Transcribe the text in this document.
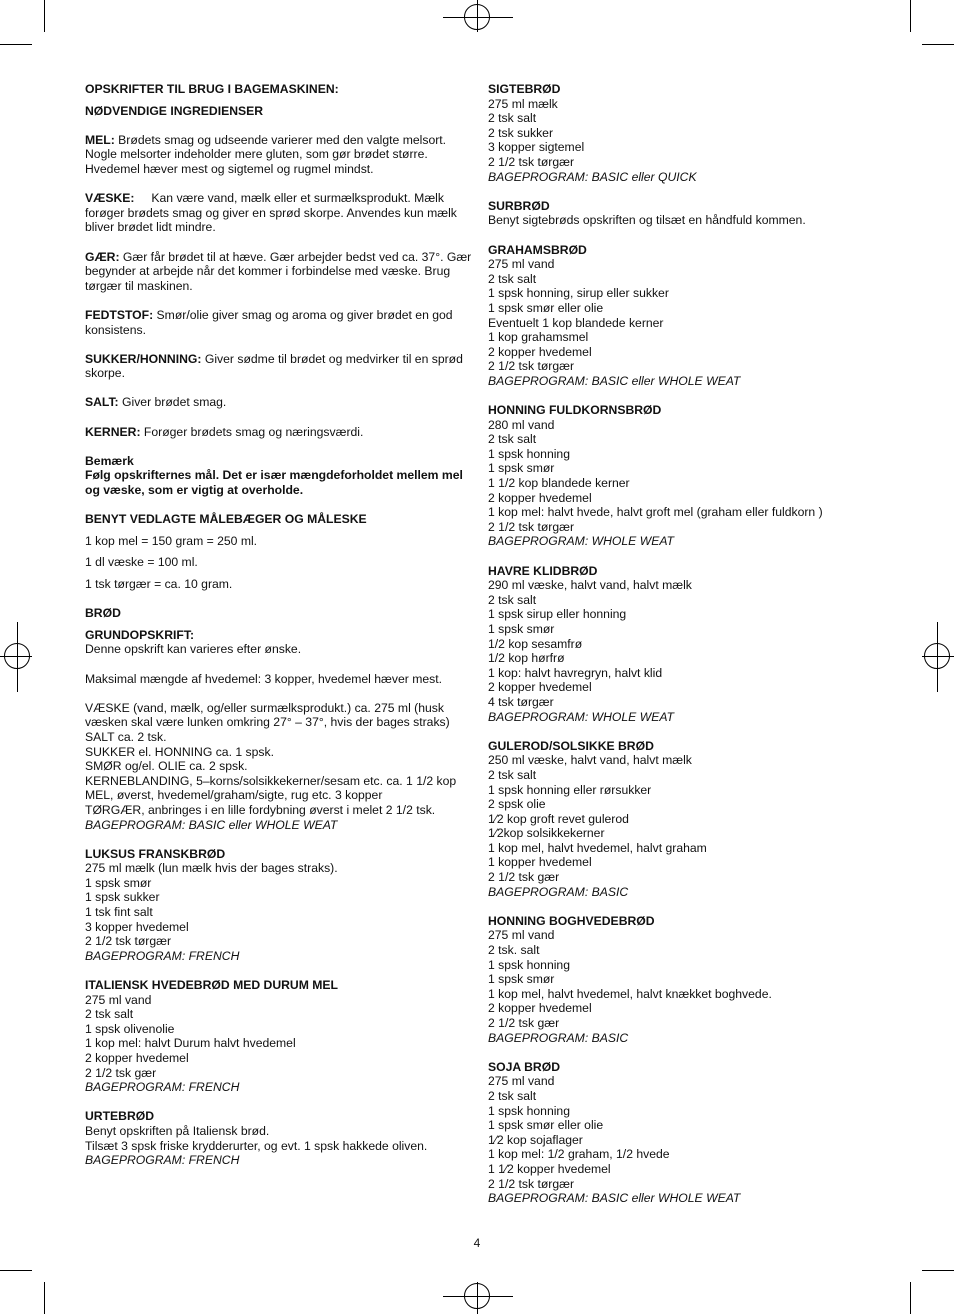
OPSKRIFTER TIL BRUG I BAGEMASKINEN:

NØDVENDIGE INGREDIENSER

MEL: Brødets smag og udseende varierer med den valgte melsort. Nogle melsorter indeholder mere gluten, som gør brødet større. Hvedemel hæver mest og sigtemel og rugmel mindst.

VÆSKE:     Kan være vand, mælk eller et surmælksprodukt. Mælk forøger brødets smag og giver en sprød skorpe. Anvendes kun mælk bliver brødet lidt mindre.

GÆR: Gær får brødet til at hæve. Gær arbejder bedst ved ca. 37°. Gær begynder at arbejde når det kommer i forbindelse med væske. Brug tørgær til maskinen.

FEDTSTOF: Smør/olie giver smag og aroma og giver brødet en god konsistens.

SUKKER/HONNING: Giver sødme til brødet og medvirker til en sprød skorpe.

SALT: Giver brødet smag.

KERNER: Forøger brødets smag og næringsværdi.

Bemærk

Følg opskrifternes mål. Det er især mængdeforholdet mellem mel og væske, som er vigtig at overholde.

BENYT VEDLAGTE MÅLEBÆGER OG MÅLESKE

1 kop mel = 150 gram = 250 ml.

1 dl væske = 100 ml.

1 tsk tørgær = ca. 10 gram.

BRØD

GRUNDOPSKRIFT:

Denne opskrift kan varieres efter ønske.

Maksimal mængde af hvedemel: 3 kopper, hvedemel hæver mest.

VÆSKE (vand, mælk, og/eller surmælksprodukt.) ca. 275 ml (husk væsken skal være lunken omkring 27° – 37°, hvis der bages straks)

SALT ca. 2 tsk.

SUKKER el. HONNING ca. 1 spsk.

SMØR og/el. OLIE ca. 2 spsk.

KERNEBLANDING, 5–korns/solsikkekerner/sesam etc. ca. 1 1/2 kop

MEL, øverst, hvedemel/graham/sigte, rug etc. 3 kopper

TØRGÆR, anbringes i en lille fordybning øverst i melet 2 1/2 tsk.

BAGEPROGRAM: BASIC eller WHOLE WEAT

LUKSUS FRANSKBRØD

275 ml mælk (lun mælk hvis der bages straks).

1 spsk smør

1 spsk sukker

1 tsk fint salt

3 kopper hvedemel

2 1/2 tsk tørgær

BAGEPROGRAM: FRENCH

ITALIENSK HVEDEBRØD MED DURUM MEL

275 ml vand

2 tsk salt

1 spsk olivenolie

1 kop mel: halvt Durum halvt hvedemel

2 kopper hvedemel

2 1/2 tsk gær

BAGEPROGRAM: FRENCH

URTEBRØD

Benyt opskriften på Italiensk brød.

Tilsæt 3 spsk friske krydderurter, og evt. 1 spsk hakkede oliven.

BAGEPROGRAM: FRENCH

SIGTEBRØD

275 ml mælk

2 tsk salt

2 tsk sukker

3 kopper sigtemel

2 1/2 tsk tørgær

BAGEPROGRAM: BASIC eller QUICK

SURBRØD

Benyt sigtebrøds opskriften og tilsæt en håndfuld kommen.

GRAHAMSBRØD

275 ml vand

2 tsk salt

1 spsk honning, sirup eller sukker

1 spsk smør eller olie

Eventuelt 1 kop blandede kerner

1 kop grahamsmel

2 kopper hvedemel

2 1/2 tsk tørgær

BAGEPROGRAM: BASIC eller WHOLE WEAT

HONNING FULDKORNSBRØD

280 ml vand

2 tsk salt

1 spsk honning

1 spsk smør

1 1/2 kop blandede kerner

2 kopper hvedemel

1 kop mel: halvt hvede, halvt groft mel (graham eller fuldkorn )

2 1/2 tsk tørgær

BAGEPROGRAM: WHOLE WEAT

HAVRE KLIDBRØD

290 ml væske, halvt vand, halvt mælk

2 tsk salt

1 spsk sirup eller honning

1 spsk smør

1/2 kop sesamfrø

1/2 kop hørfrø

1 kop: halvt havregryn, halvt klid

2 kopper hvedemel

4 tsk tørgær

BAGEPROGRAM: WHOLE WEAT

GULEROD/SOLSIKKE BRØD

250 ml væske, halvt vand, halvt mælk

2 tsk salt

1 spsk honning eller rørsukker

2 spsk olie

1⁄2 kop groft revet gulerod

1⁄2kop solsikkekerner

1 kop mel, halvt hvedemel, halvt graham

1 kopper hvedemel

2 1/2 tsk gær

BAGEPROGRAM: BASIC

HONNING BOGHVEDEBRØD

275 ml vand

2 tsk. salt

1 spsk honning

1 spsk smør

1 kop mel, halvt hvedemel, halvt knækket boghvede.

2 kopper hvedemel

2 1/2 tsk gær

BAGEPROGRAM: BASIC

SOJA BRØD

275 ml vand

2 tsk salt

1 spsk honning

1 spsk smør eller olie

1⁄2 kop sojaflager

1 kop mel: 1/2 graham, 1/2 hvede

1 1⁄2 kopper hvedemel

2 1/2 tsk tørgær

BAGEPROGRAM: BASIC eller WHOLE WEAT

4
